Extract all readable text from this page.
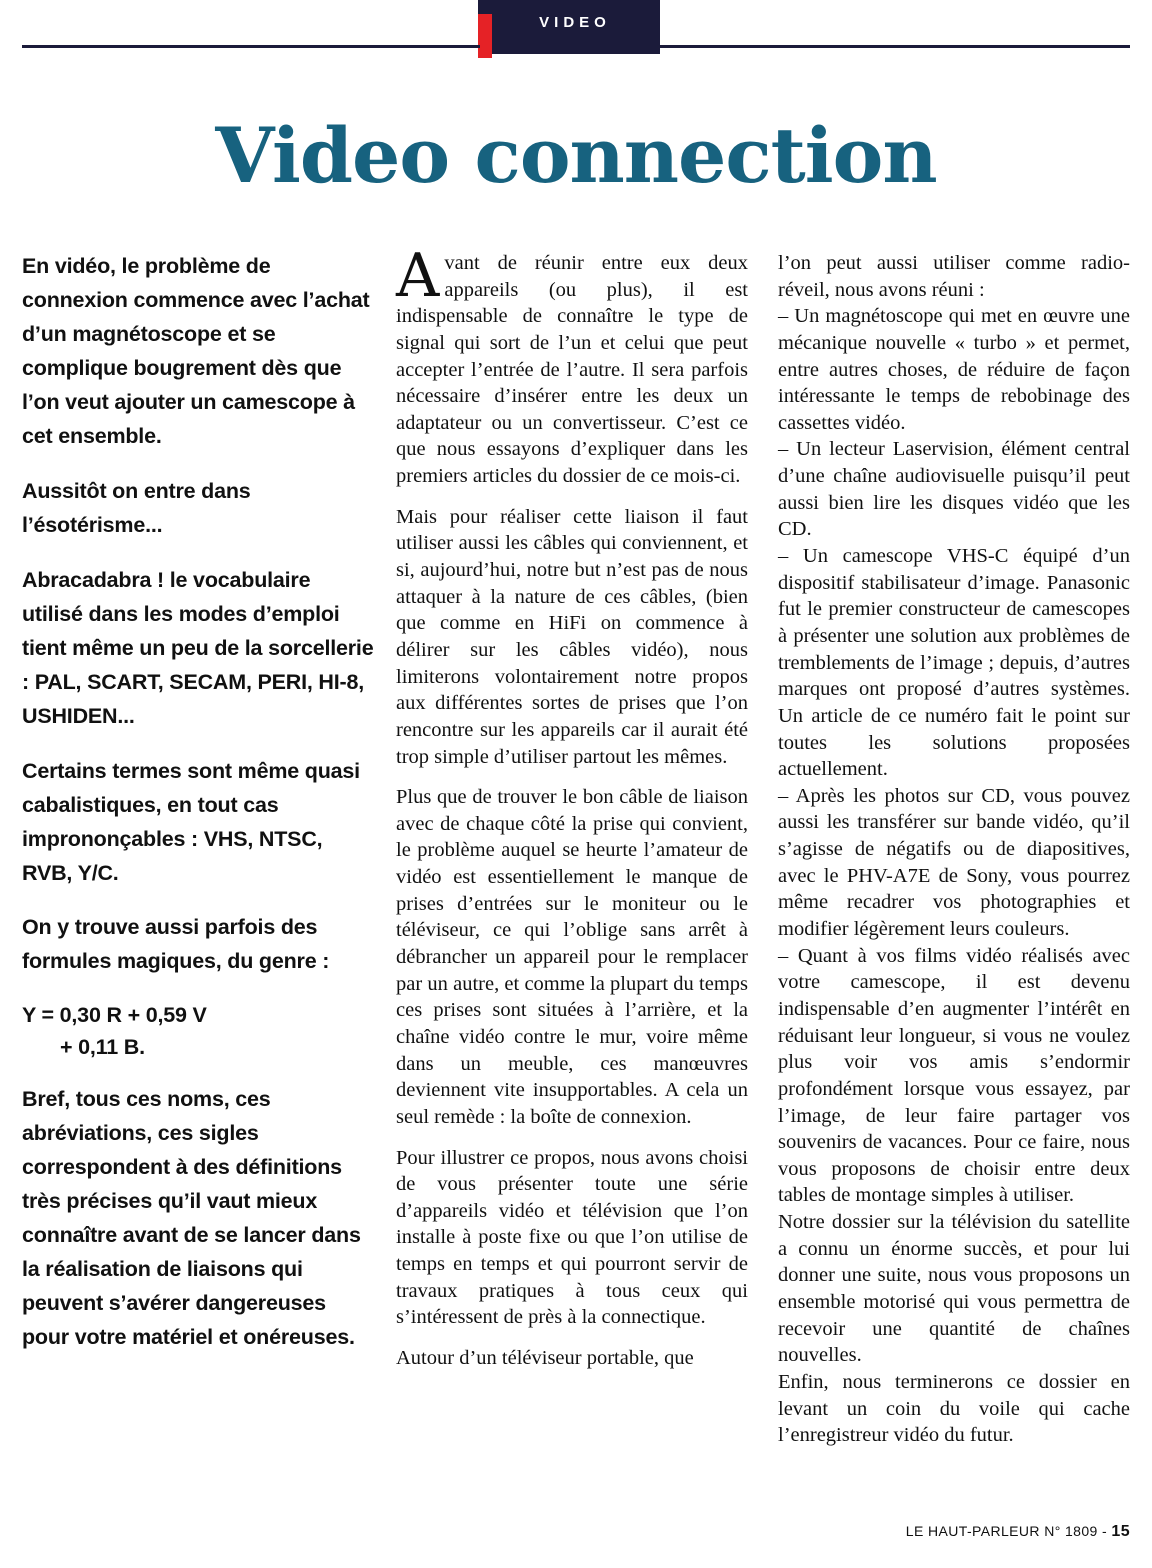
VIDEO
Video connection

En vidéo, le problème de connexion commence avec l’achat d’un magnétoscope et se complique bougrement dès que l’on veut ajouter un camescope à cet ensemble.

Aussitôt on entre dans l’ésotérisme...

Abracadabra ! le vocabulaire utilisé dans les modes d’emploi tient même un peu de la sorcellerie : PAL, SCART, SECAM, PERI, HI-8, USHIDEN...

Certains termes sont même quasi cabalistiques, en tout cas imprononçables : VHS, NTSC, RVB, Y/C.

On y trouve aussi parfois des formules magiques, du genre :

Y = 0,30 R + 0,59 V

+ 0,11 B.

Bref, tous ces noms, ces abréviations, ces sigles correspondent à des définitions très précises qu’il vaut mieux connaître avant de se lancer dans la réalisation de liaisons qui peuvent s’avérer dangereuses pour votre matériel et onéreuses.

Avant de réunir entre eux deux appareils (ou plus), il est indispensable de connaître le type de signal qui sort de l’un et celui que peut accepter l’entrée de l’autre. Il sera parfois nécessaire d’insérer entre les deux un adaptateur ou un convertisseur. C’est ce que nous essayons d’expliquer dans les premiers articles du dossier de ce mois-ci.

Mais pour réaliser cette liaison il faut utiliser aussi les câbles qui conviennent, et si, aujourd’hui, notre but n’est pas de nous attaquer à la nature de ces câbles, (bien que comme en HiFi on commence à délirer sur les câbles vidéo), nous limiterons volontairement notre propos aux différentes sortes de prises que l’on rencontre sur les appareils car il aurait été trop simple d’utiliser partout les mêmes.

Plus que de trouver le bon câble de liaison avec de chaque côté la prise qui convient, le problème auquel se heurte l’amateur de vidéo est essentiellement le manque de prises d’entrées sur le moniteur ou le téléviseur, ce qui l’oblige sans arrêt à débrancher un appareil pour le remplacer par un autre, et comme la plupart du temps ces prises sont situées à l’arrière, et la chaîne vidéo contre le mur, voire même dans un meuble, ces manœuvres deviennent vite insupportables. A cela un seul remède : la boîte de connexion.

Pour illustrer ce propos, nous avons choisi de vous présenter toute une série d’appareils vidéo et télévision que l’on installe à poste fixe ou que l’on utilise de temps en temps et qui pourront servir de travaux pratiques à tous ceux qui s’intéressent de près à la connectique.

Autour d’un téléviseur portable, que

l’on peut aussi utiliser comme radio-réveil, nous avons réuni :

– Un magnétoscope qui met en œuvre une mécanique nouvelle « turbo » et permet, entre autres choses, de réduire de façon intéressante le temps de rebobinage des cassettes vidéo.

– Un lecteur Laservision, élément central d’une chaîne audiovisuelle puisqu’il peut aussi bien lire les disques vidéo que les CD.

– Un camescope VHS-C équipé d’un dispositif stabilisateur d’image. Panasonic fut le premier constructeur de camescopes à présenter une solution aux problèmes de tremblements de l’image ; depuis, d’autres marques ont proposé d’autres systèmes. Un article de ce numéro fait le point sur toutes les solutions proposées actuellement.

– Après les photos sur CD, vous pouvez aussi les transférer sur bande vidéo, qu’il s’agisse de négatifs ou de diapositives, avec le PHV-A7E de Sony, vous pourrez même recadrer vos photographies et modifier légèrement leurs couleurs.

– Quant à vos films vidéo réalisés avec votre camescope, il est devenu indispensable d’en augmenter l’intérêt en réduisant leur longueur, si vous ne voulez plus voir vos amis s’endormir profondément lorsque vous essayez, par l’image, de leur faire partager vos souvenirs de vacances. Pour ce faire, nous vous proposons de choisir entre deux tables de montage simples à utiliser.

Notre dossier sur la télévision du satellite a connu un énorme succès, et pour lui donner une suite, nous vous proposons un ensemble motorisé qui vous permettra de recevoir une quantité de chaînes nouvelles.

Enfin, nous terminerons ce dossier en levant un coin du voile qui cache l’enregistreur vidéo du futur.

LE HAUT-PARLEUR N° 1809 - 15
